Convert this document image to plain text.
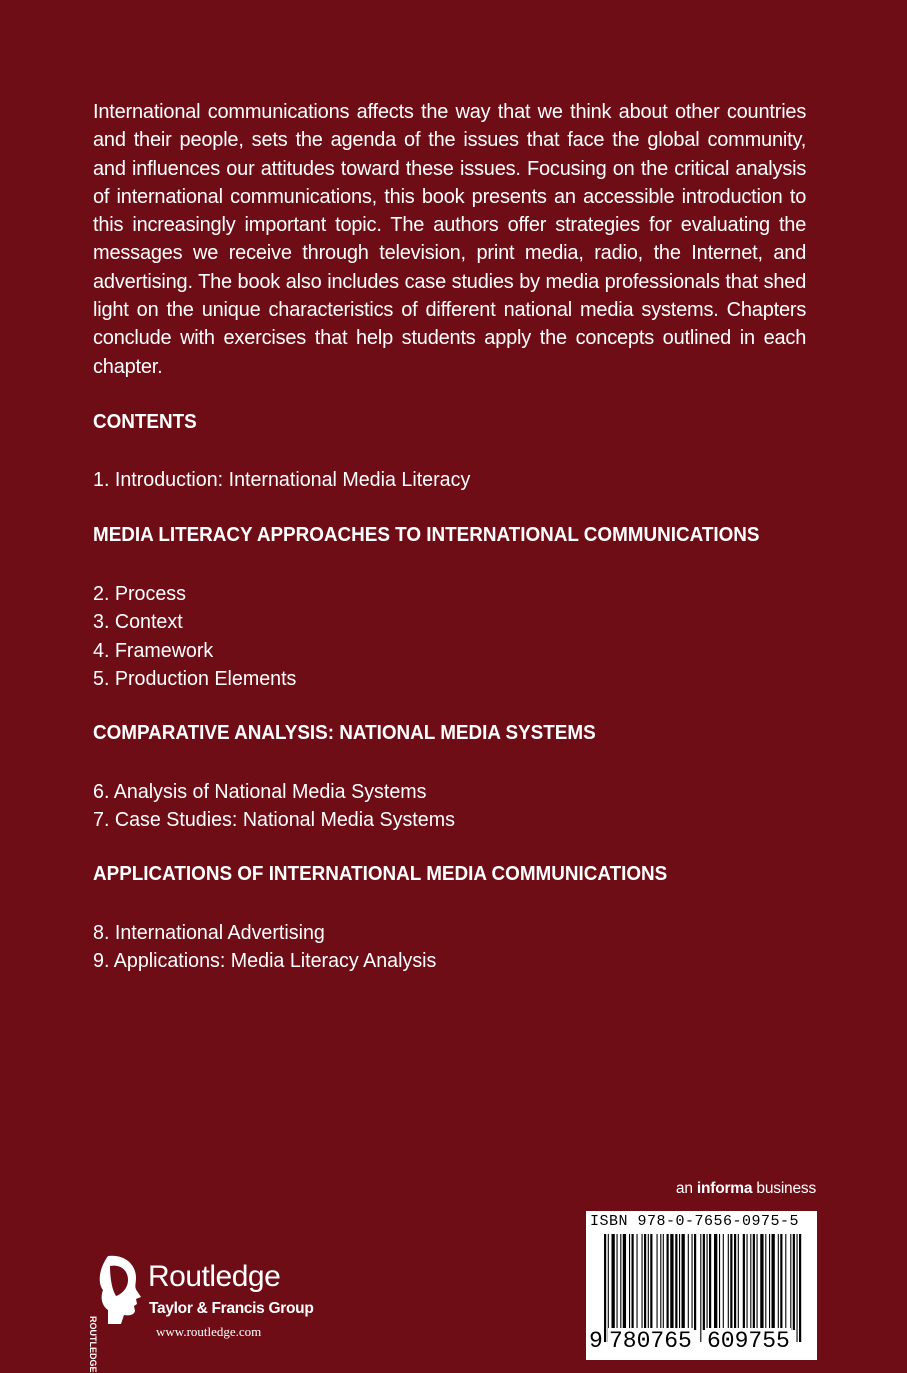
International communications affects the way that we think about other countries and their people, sets the agenda of the issues that face the global community, and influences our attitudes toward these issues. Focusing on the critical analysis of international communications, this book presents an accessible introduction to this increasingly important topic. The authors offer strategies for evaluating the messages we receive through television, print media, radio, the Internet, and advertising. The book also includes case studies by media professionals that shed light on the unique characteristics of different national media systems. Chapters conclude with exercises that help students apply the concepts outlined in each chapter.
CONTENTS
1. Introduction: International Media Literacy
MEDIA LITERACY APPROACHES TO INTERNATIONAL COMMUNICATIONS
2. Process
3. Context
4. Framework
5. Production Elements
COMPARATIVE ANALYSIS: NATIONAL MEDIA SYSTEMS
6. Analysis of National Media Systems
7. Case Studies: National Media Systems
APPLICATIONS OF INTERNATIONAL MEDIA COMMUNICATIONS
8. International Advertising
9. Applications: Media Literacy Analysis
an informa business
ISBN 978-0-7656-0975-5
9 780765 609755
ROUTLEDGE
Routledge
Taylor & Francis Group
www.routledge.com
